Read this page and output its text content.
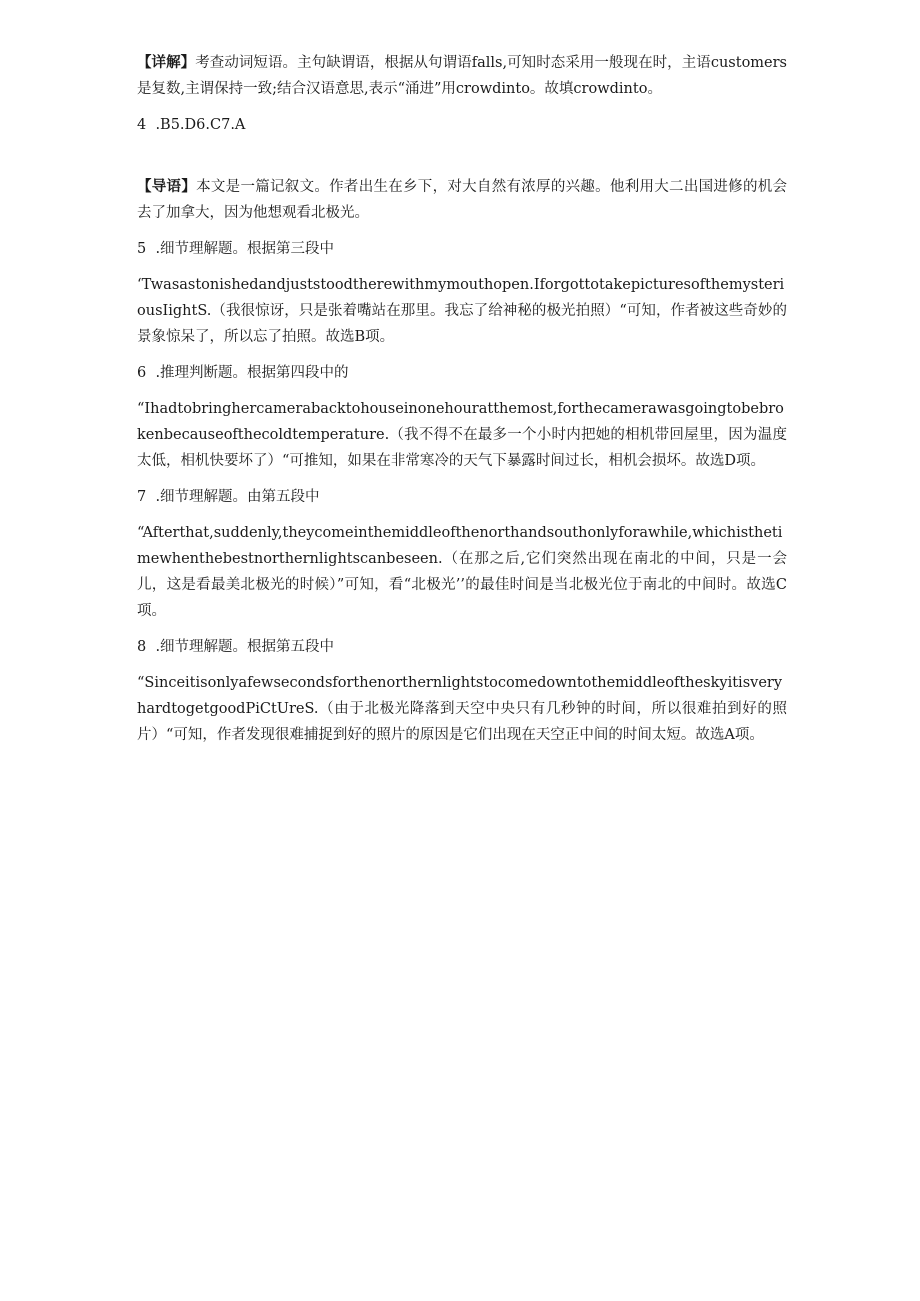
【详解】考查动词短语。主句缺谓语，根据从句谓语falls,可知时态采用一般现在时，主语customers是复数,主谓保持一致;结合汉语意思,表示“涌进”用crowdinto。故填crowdinto。

4  .B5.D6.C7.A

【导语】本文是一篇记叙文。作者出生在乡下，对大自然有浓厚的兴趣。他利用大二出国进修的机会去了加拿大，因为他想观看北极光。

5  .细节理解题。根据第三段中

‘Twasastonishedandjuststoodtherewithmymouthopen.IforgottotakepicturesofthemysteriousIightS.（我很惊讶，只是张着嘴站在那里。我忘了给神秘的极光拍照）“可知，作者被这些奇妙的景象惊呆了，所以忘了拍照。故选B项。

6  .推理判断题。根据第四段中的

“Ihadtobringhercamerabacktohouseinonehouratthemost,forthecamerawasgoingtobebrokenbecauseofthecoldtemperature.（我不得不在最多一个小时内把她的相机带回屋里，因为温度太低，相机快要坏了）“可推知，如果在非常寒冷的天气下暴露时间过长，相机会损坏。故选D项。

7  .细节理解题。由第五段中

“Afterthat,suddenly,theycomeinthemiddleofthenorthandsouthonlyforawhile,whichisthetimewhenthebestnorthernlightscanbeseen.（在那之后,它们突然出现在南北的中间，只是一会儿，这是看最美北极光的时候）”可知，看“北极光’’的最佳时间是当北极光位于南北的中间时。故选C项。

8  .细节理解题。根据第五段中

“SinceitisonlyafewsecondsforthenorthernlightstocomedowntothemiddleoftheskyitisveryhardtogetgoodPiCtUreS.（由于北极光降落到天空中央只有几秒钟的时间，所以很难拍到好的照片）“可知，作者发现很难捕捉到好的照片的原因是它们出现在天空正中间的时间太短。故选A项。
